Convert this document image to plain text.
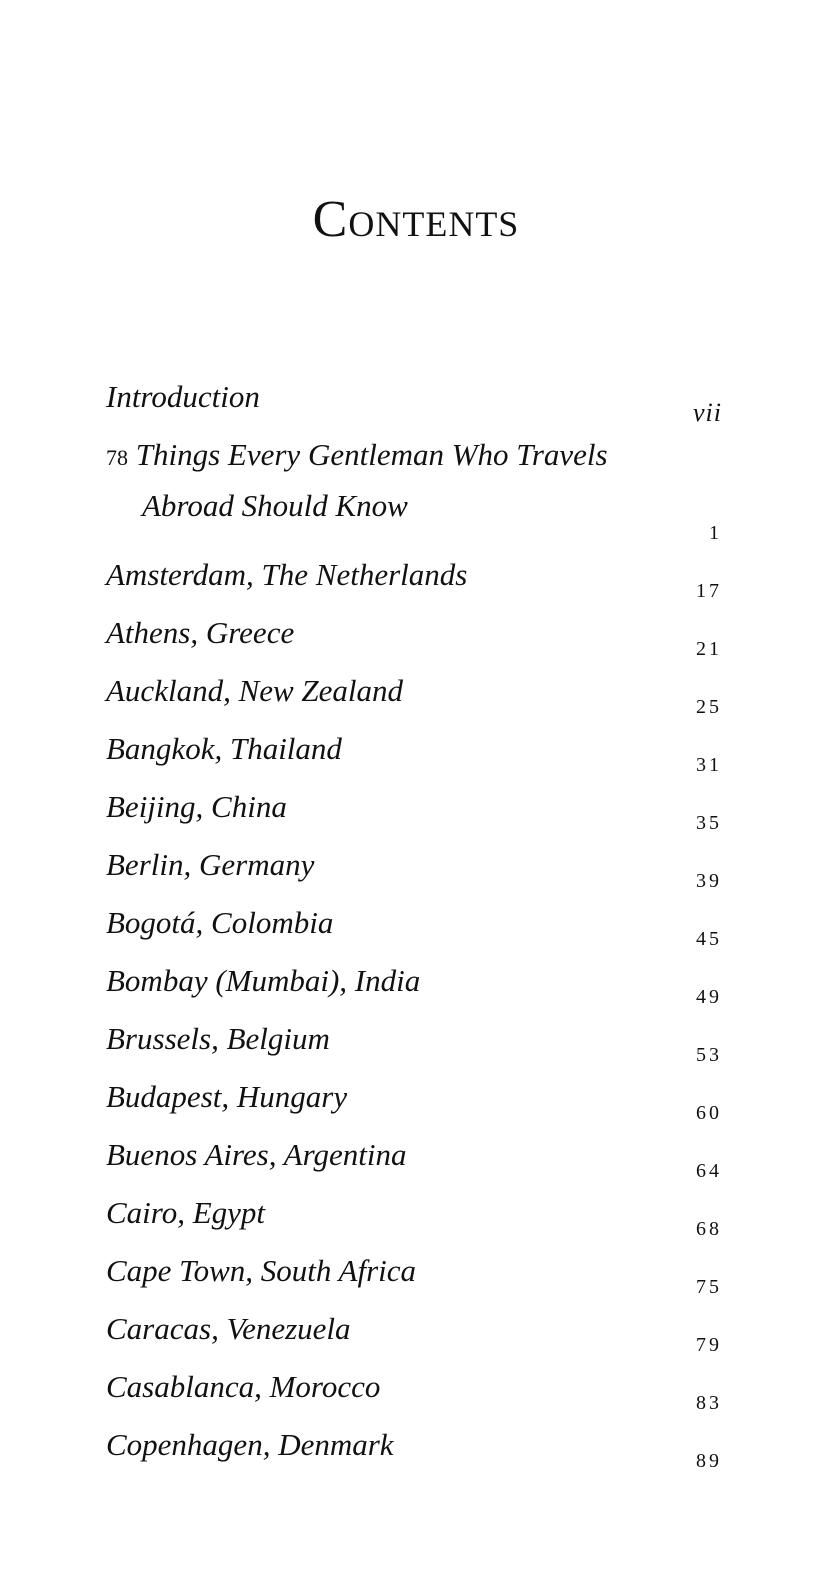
Contents
Introduction	vii
78 Things Every Gentleman Who Travels
Abroad Should Know
1
Amsterdam, The Netherlands	17
Athens, Greece	21
Auckland, New Zealand	25
Bangkok, Thailand	31
Beijing, China	35
Berlin, Germany	39
Bogotá, Colombia	45
Bombay (Mumbai), India	49
Brussels, Belgium	53
Budapest, Hungary	60
Buenos Aires, Argentina	64
Cairo, Egypt	68
Cape Town, South Africa	75
Caracas, Venezuela	79
Casablanca, Morocco	83
Copenhagen, Denmark	89
